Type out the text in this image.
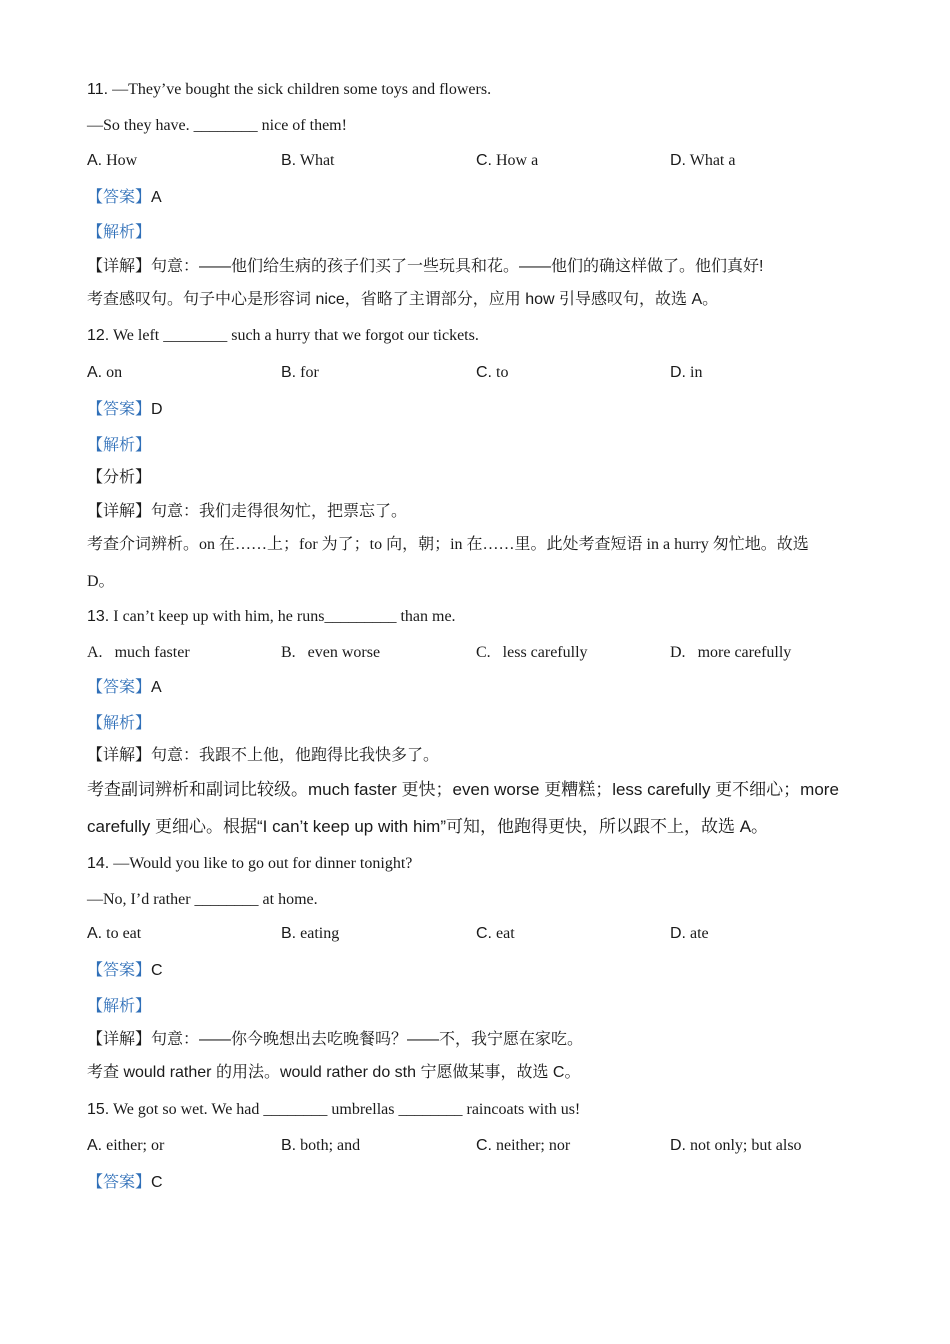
11. —They’ve bought the sick children some toys and flowers.
—So they have. ________ nice of them!
A. How	B. What	C. How a	D. What a
【答案】A
【解析】
【详解】句意：——他们给生病的孩子们买了一些玩具和花。——他们的确这样做了。他们真好!
考查感叹句。句子中心是形容词 nice，省略了主谓部分，应用 how 引导感叹句，故选 A。
12. We left ________ such a hurry that we forgot our tickets.
A. on	B. for	C. to	D. in
【答案】D
【解析】
【分析】
【详解】句意：我们走得很匆忙，把票忘了。
考查介词辨析。on 在……上；for 为了；to 向，朝；in 在……里。此处考查短语 in a hurry 匆忙地。故选
D。
13. I can’t keep up with him, he runs_________ than me.
A. much faster	B. even worse	C. less carefully	D. more carefully
【答案】A
【解析】
【详解】句意：我跟不上他，他跑得比我快多了。
考查副词辨析和副词比较级。much faster 更快；even worse 更糟糕；less carefully 更不细心；more
carefully 更细心。根据“I can’t keep up with him”可知，他跑得更快，所以跟不上，故选 A。
14. —Would you like to go out for dinner tonight?
—No, I’d rather ________ at home.
A. to eat	B. eating	C. eat	D. ate
【答案】C
【解析】
【详解】句意：——你今晚想出去吃晚餐吗？——不，我宁愿在家吃。
考查 would rather 的用法。would rather do sth 宁愿做某事，故选 C。
15. We got so wet. We had ________ umbrellas ________ raincoats with us!
A. either; or	B. both; and	C. neither; nor	D. not only; but also
【答案】C
